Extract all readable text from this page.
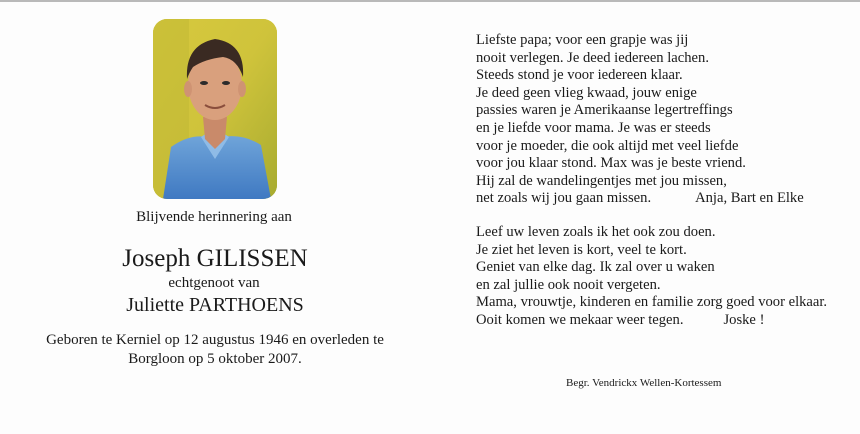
Blijvende herinnering aan
Joseph GILISSEN
echtgenoot van
Juliette PARTHOENS
Geboren te Kerniel op 12 augustus 1946 en overleden te
Borgloon op 5 oktober 2007.
Liefste papa; voor een grapje was jij
nooit verlegen. Je deed iedereen lachen.
Steeds stond je voor iedereen klaar.
Je deed geen vlieg kwaad, jouw enige
passies waren je Amerikaanse legertreffings
en je liefde voor mama. Je was er steeds
voor je moeder, die ook altijd met veel liefde
voor jou klaar stond. Max was je beste vriend.
Hij zal de wandelingentjes met jou missen,
net zoals wij jou gaan missen.	Anja, Bart en Elke
Leef uw leven zoals ik het ook zou doen.
Je ziet het leven is kort, veel te kort.
Geniet van elke dag. Ik zal over u waken
en zal jullie ook nooit vergeten.
Mama, vrouwtje, kinderen en familie zorg goed voor elkaar.
Ooit komen we mekaar weer tegen.	Joske !
Begr. Vendrickx Wellen-Kortessem
